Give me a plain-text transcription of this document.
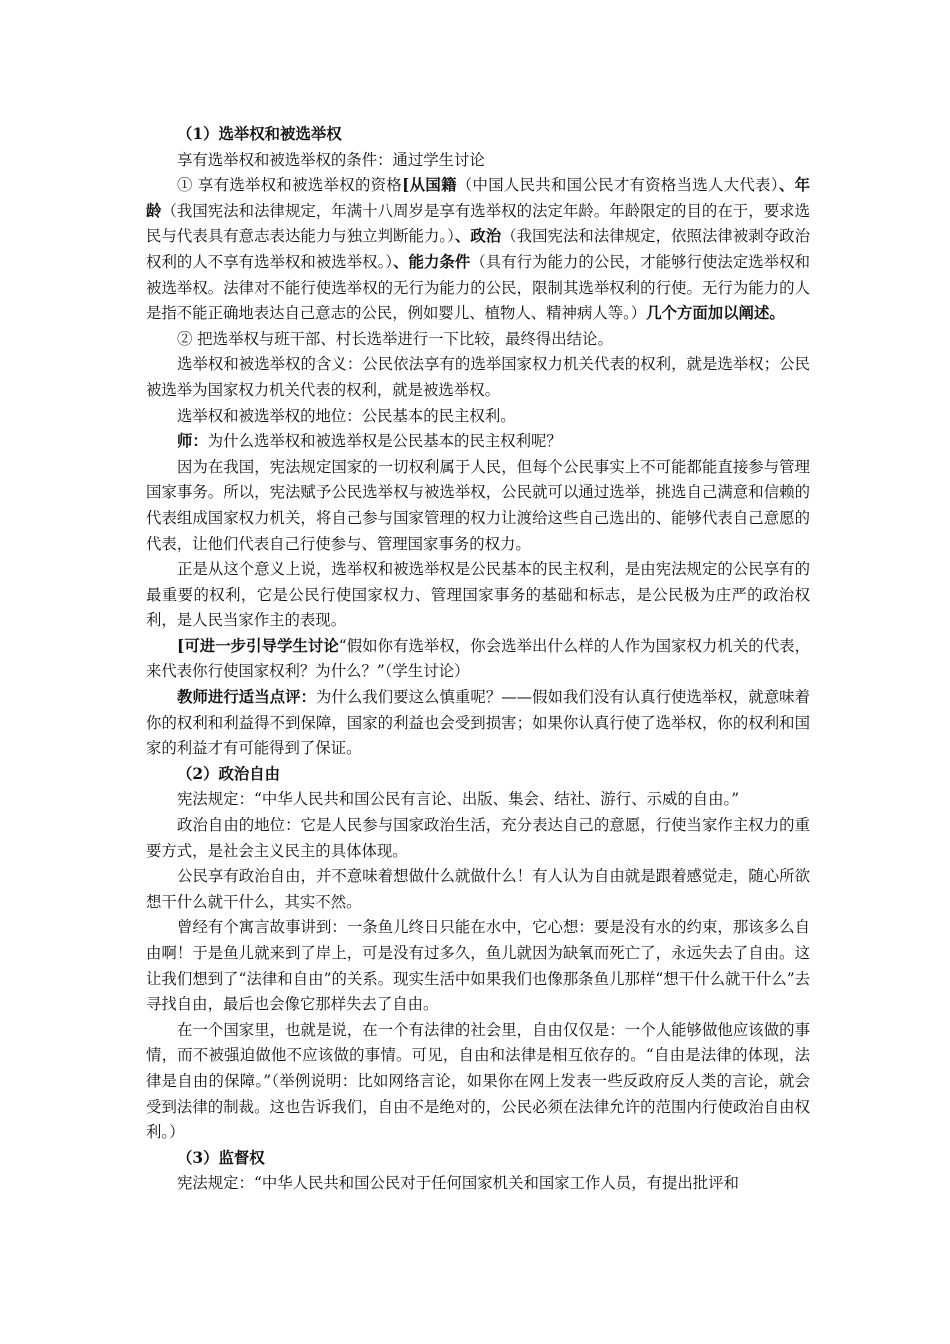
（1）选举权和被选举权

享有选举权和被选举权的条件：通过学生讨论

① 享有选举权和被选举权的资格[从国籍（中国人民共和国公民才有资格当选人大代表）、年龄（我国宪法和法律规定，年满十八周岁是享有选举权的法定年龄。年龄限定的目的在于，要求选民与代表具有意志表达能力与独立判断能力。）、政治（我国宪法和法律规定，依照法律被剥夺政治权利的人不享有选举权和被选举权。）、能力条件（具有行为能力的公民，才能够行使法定选举权和被选举权。法律对不能行使选举权的无行为能力的公民，限制其选举权利的行使。无行为能力的人是指不能正确地表达自己意志的公民，例如婴儿、植物人、精神病人等。）几个方面加以阐述。

② 把选举权与班干部、村长选举进行一下比较，最终得出结论。

选举权和被选举权的含义：公民依法享有的选举国家权力机关代表的权利，就是选举权；公民被选举为国家权力机关代表的权利，就是被选举权。

选举权和被选举权的地位：公民基本的民主权利。

师：为什么选举权和被选举权是公民基本的民主权利呢？

因为在我国，宪法规定国家的一切权利属于人民，但每个公民事实上不可能都能直接参与管理国家事务。所以，宪法赋予公民选举权与被选举权，公民就可以通过选举，挑选自己满意和信赖的代表组成国家权力机关，将自己参与国家管理的权力让渡给这些自己选出的、能够代表自己意愿的代表，让他们代表自己行使参与、管理国家事务的权力。

正是从这个意义上说，选举权和被选举权是公民基本的民主权利，是由宪法规定的公民享有的最重要的权利，它是公民行使国家权力、管理国家事务的基础和标志，是公民极为庄严的政治权利，是人民当家作主的表现。

[可进一步引导学生讨论“假如你有选举权，你会选举出什么样的人作为国家权力机关的代表，来代表你行使国家权利？为什么？”（学生讨论）

教师进行适当点评：为什么我们要这么慎重呢？——假如我们没有认真行使选举权，就意味着你的权利和利益得不到保障，国家的利益也会受到损害；如果你认真行使了选举权，你的权利和国家的利益才有可能得到了保证。

（2）政治自由

宪法规定：“中华人民共和国公民有言论、出版、集会、结社、游行、示威的自由。”

政治自由的地位：它是人民参与国家政治生活，充分表达自己的意愿，行使当家作主权力的重要方式，是社会主义民主的具体体现。

公民享有政治自由，并不意味着想做什么就做什么！有人认为自由就是跟着感觉走，随心所欲想干什么就干什么，其实不然。

曾经有个寓言故事讲到：一条鱼儿终日只能在水中，它心想：要是没有水的约束，那该多么自由啊！于是鱼儿就来到了岸上，可是没有过多久，鱼儿就因为缺氧而死亡了，永远失去了自由。这让我们想到了“法律和自由”的关系。现实生活中如果我们也像那条鱼儿那样“想干什么就干什么”去寻找自由，最后也会像它那样失去了自由。

在一个国家里，也就是说，在一个有法律的社会里，自由仅仅是：一个人能够做他应该做的事情，而不被强迫做他不应该做的事情。可见，自由和法律是相互依存的。“自由是法律的体现，法律是自由的保障。”（举例说明：比如网络言论，如果你在网上发表一些反政府反人类的言论，就会受到法律的制裁。这也告诉我们，自由不是绝对的，公民必须在法律允许的范围内行使政治自由权利。）

（3）监督权

宪法规定：“中华人民共和国公民对于任何国家机关和国家工作人员，有提出批评和
